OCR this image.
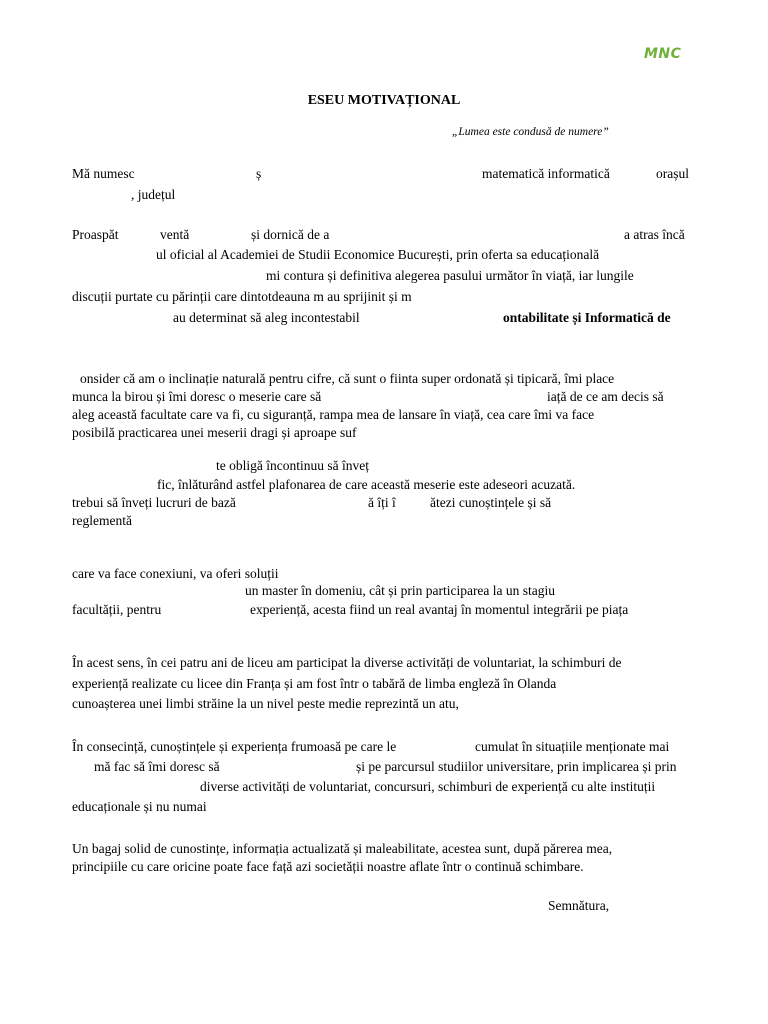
MNC
ESEU MOTIVAȚIONAL
„Lumea este condusă de numere”
Mă numesc	ș	matematică informatică	orașul
, județul
Proaspăt	ventă	și dornică de a	a atras încă
ul oficial al Academiei de Studii Economice București, prin oferta sa educațională
mi contura și definitiva alegerea pasului următor în viață, iar lungile
discuții purtate cu părinții care dintotdeauna m au sprijinit și m
au determinat să aleg incontestabil	ontabilitate și Informatică de
onsider că am o inclinație naturală pentru cifre, că sunt o fiinta super ordonată și tipicară, îmi place
munca la birou și îmi doresc o meserie care să	iață de ce am decis să
aleg această facultate care va fi, cu siguranță, rampa mea de lansare în viață, cea care îmi va face
posibilă practicarea unei meserii dragi și aproape suf
te obligă încontinuu să înveț
fic, înlăturând astfel plafonarea de care această meserie este adeseori acuzată.
trebui să înveți lucruri de bază	ă îți î	ătezi cunoștințele și să
reglementă
care va face conexiuni, va oferi soluții
un master în domeniu, cât și prin participarea la un stagiu
facultății, pentru	experiență, acesta fiind un real avantaj în momentul integrării pe piața
În acest sens, în cei patru ani de liceu am participat la diverse activități de voluntariat, la schimburi de
experiență realizate cu licee din Franța și am fost într o tabără de limba engleză în Olanda
cunoașterea unei limbi străine la un nivel peste medie reprezintă un atu,
În consecință, cunoștințele și experiența frumoasă pe care le	cumulat în situațiile menționate mai
mă fac să îmi doresc să	și pe parcursul studiilor universitare, prin implicarea și prin
diverse activități de voluntariat, concursuri, schimburi de experiență cu alte instituții
educaționale și nu numai
Un bagaj solid de cunostințe, informația actualizată și maleabilitate, acestea sunt, după părerea mea,
principiile cu care oricine poate face față azi societății noastre aflate într o continuă schimbare.
Semnătura,
